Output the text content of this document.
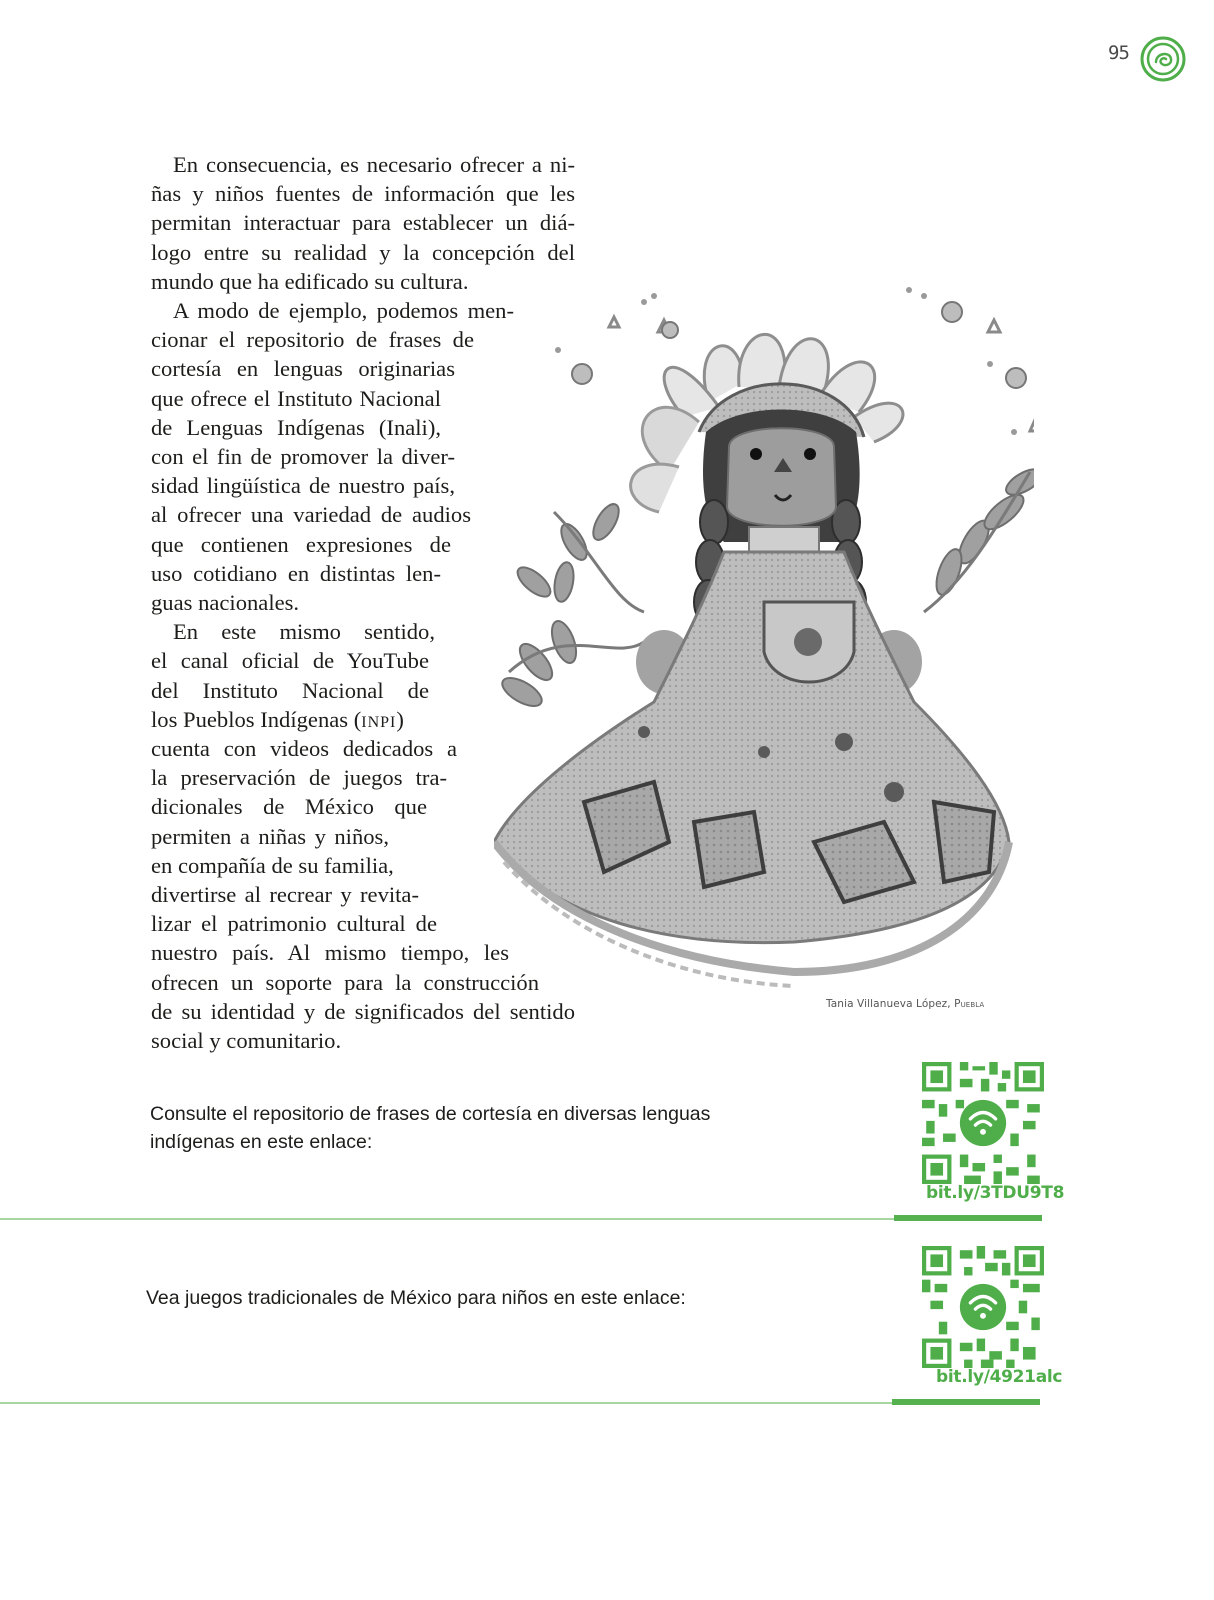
95
En consecuencia, es necesario ofrecer a ni-
ñas y niños fuentes de información que les
permitan interactuar para establecer un diá-
logo entre su realidad y la concepción del
mundo que ha edificado su cultura.
A modo de ejemplo, podemos men-
cionar el repositorio de frases de
cortesía en lenguas originarias
que ofrece el Instituto Nacional
de Lenguas Indígenas (Inali),
con el fin de promover la diver-
sidad lingüística de nuestro país,
al ofrecer una variedad de audios
que contienen expresiones de
uso cotidiano en distintas len-
guas nacionales.
En este mismo sentido,
el canal oficial de YouTube
del Instituto Nacional de
los Pueblos Indígenas (inpi)
cuenta con videos dedicados a
la preservación de juegos tra-
dicionales de México que
permiten a niñas y niños,
en compañía de su familia,
divertirse al recrear y revita-
lizar el patrimonio cultural de
nuestro país. Al mismo tiempo, les
ofrecen un soporte para la construcción
de su identidad y de significados del sentido
social y comunitario.
Tania Villanueva López, Puebla
Consulte el repositorio de frases de cortesía en diversas lenguas
indígenas en este enlace:
bit.ly/3TDU9T8
Vea juegos tradicionales de México para niños en este enlace:
bit.ly/4921alc
